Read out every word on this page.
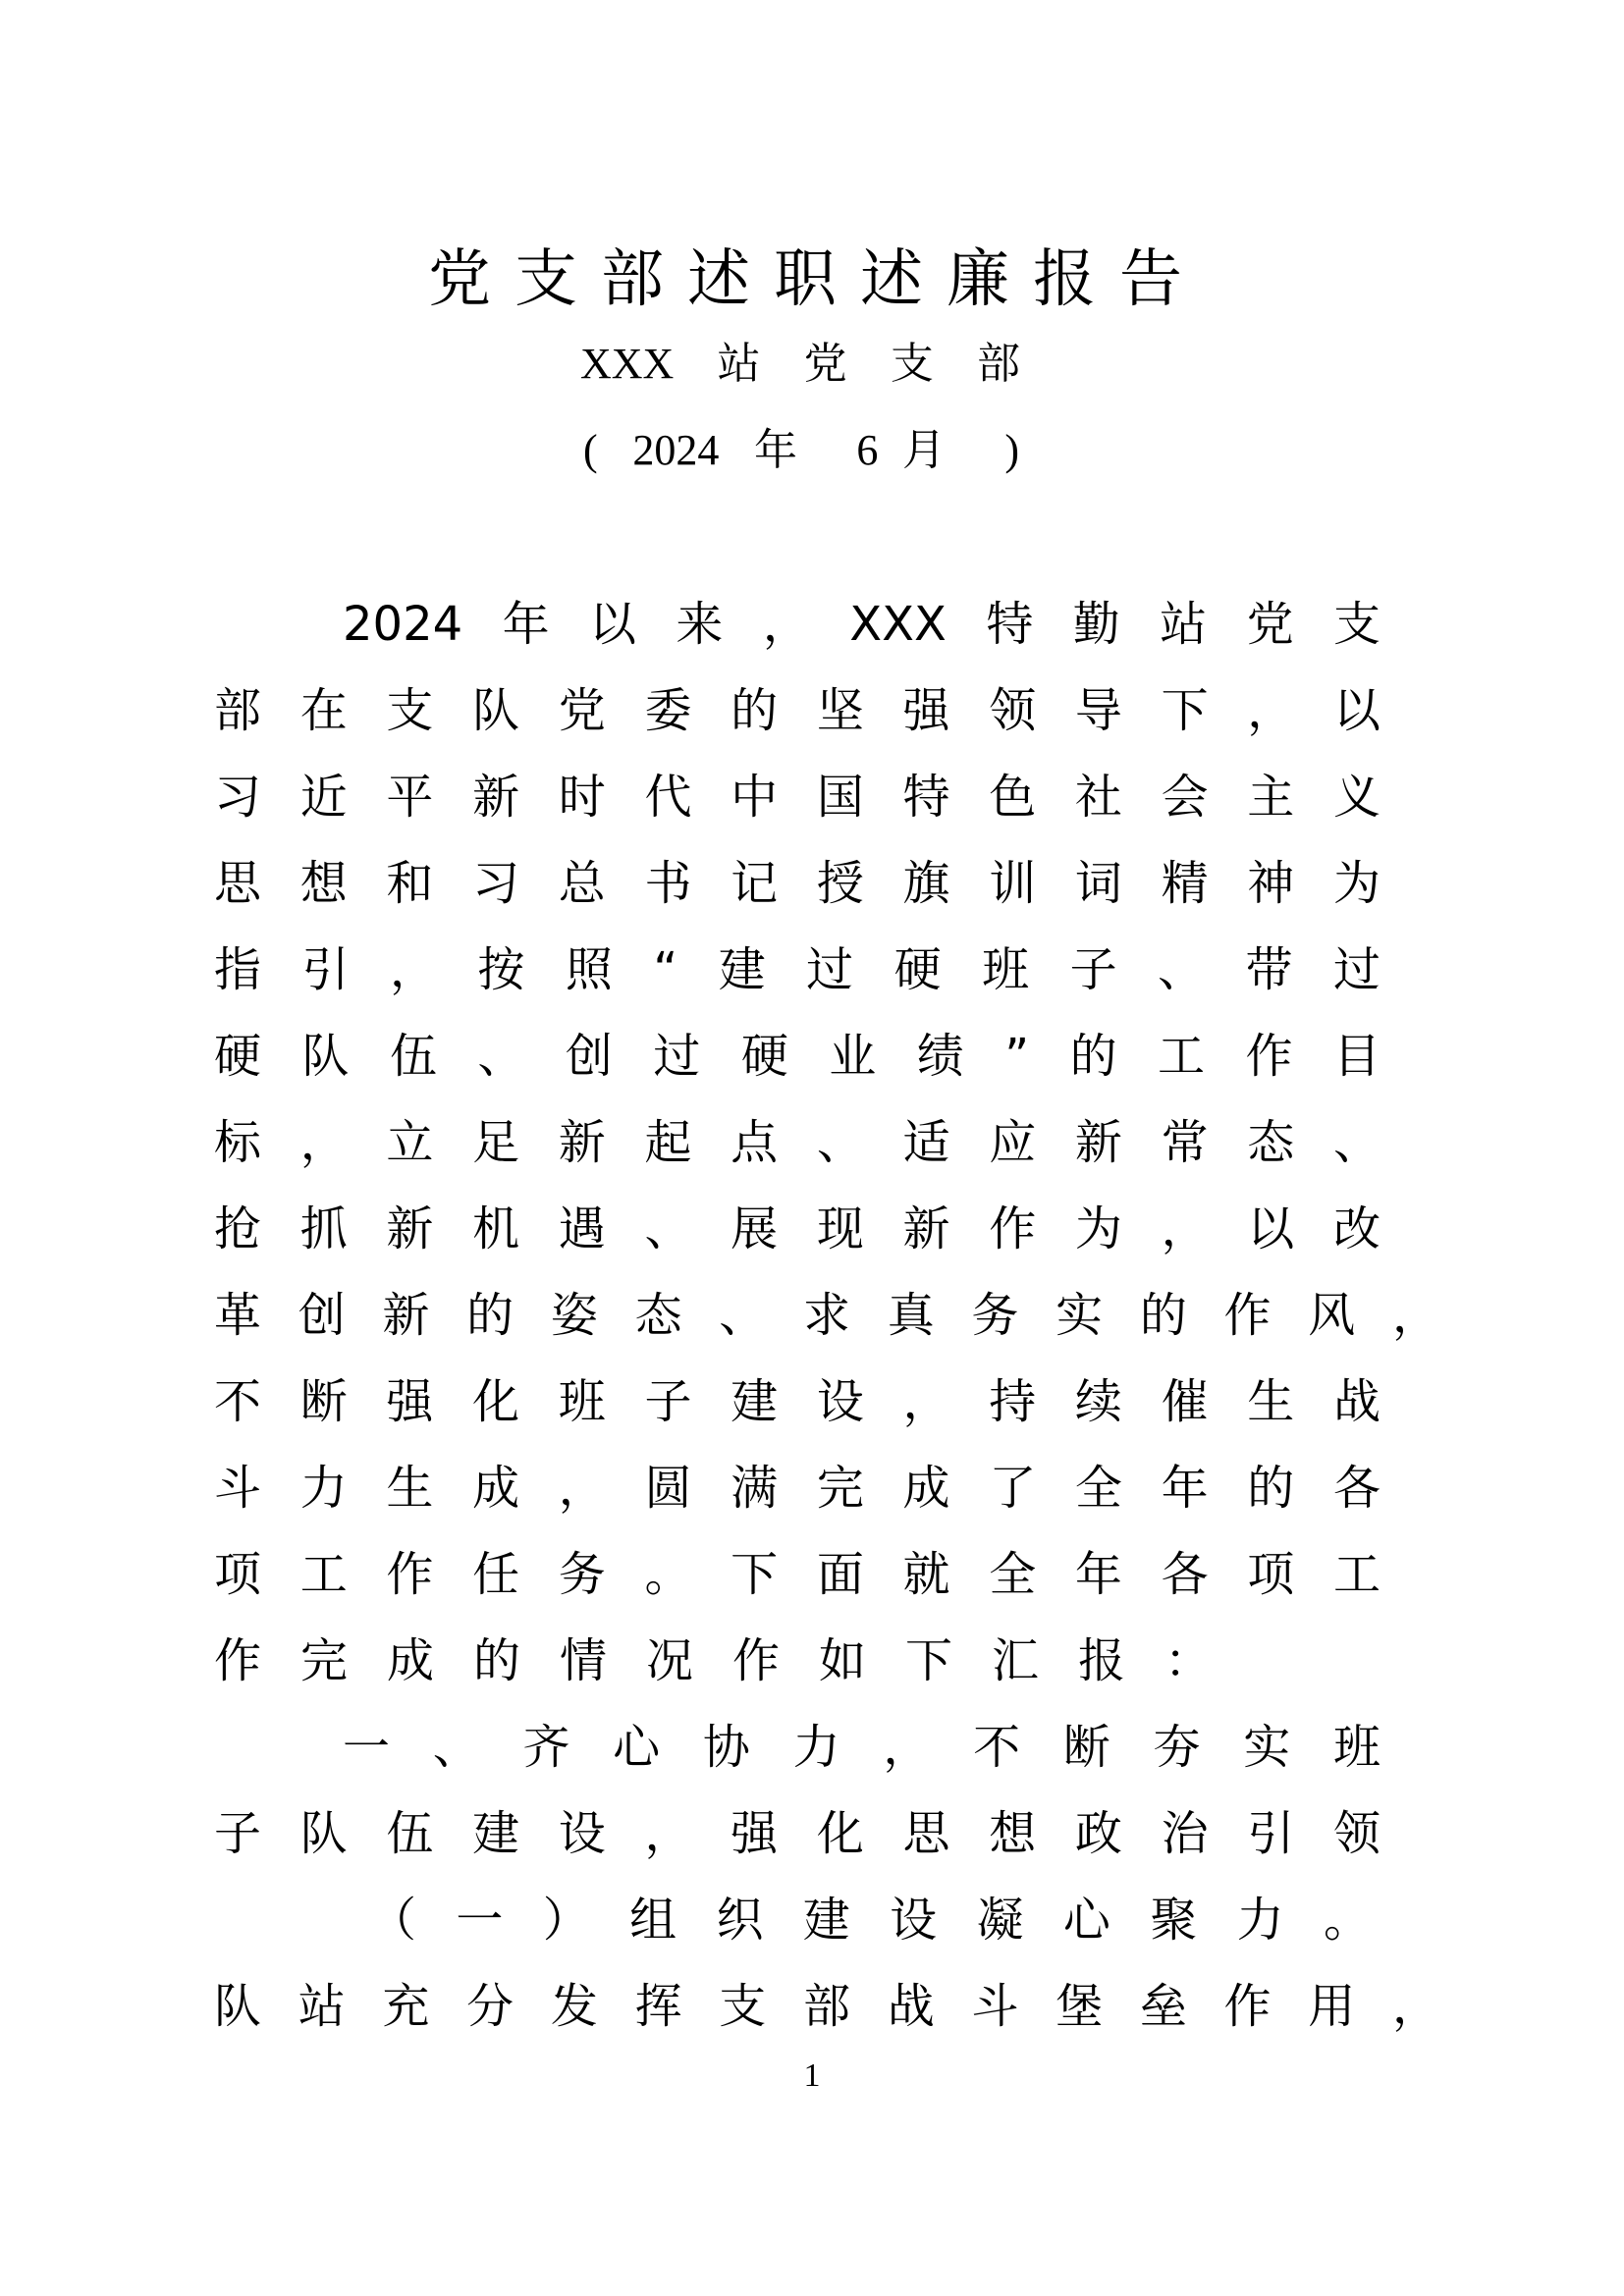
党支部述职述廉报告
XXX站党支部
( 2024 年 6月 )
2024年以来，XXX特勤站党支
部在支队党委的坚强领导下，以
习近平新时代中国特色社会主义
思想和习总书记授旗训词精神为
指引，按照“建过硬班子、带过
硬队伍、创过硬业绩”的工作目
标，立足新起点、适应新常态、
抢抓新机遇、展现新作为，以改
革创新的姿态、求真务实的作风，
不断强化班子建设，持续催生战
斗力生成，圆满完成了全年的各
项工作任务。下面就全年各项工
作完成的情况作如下汇报：
一、齐心协力，不断夯实班
子队伍建设，强化思想政治引领
（一）组织建设凝心聚力。
队站充分发挥支部战斗堡垒作用，
1
